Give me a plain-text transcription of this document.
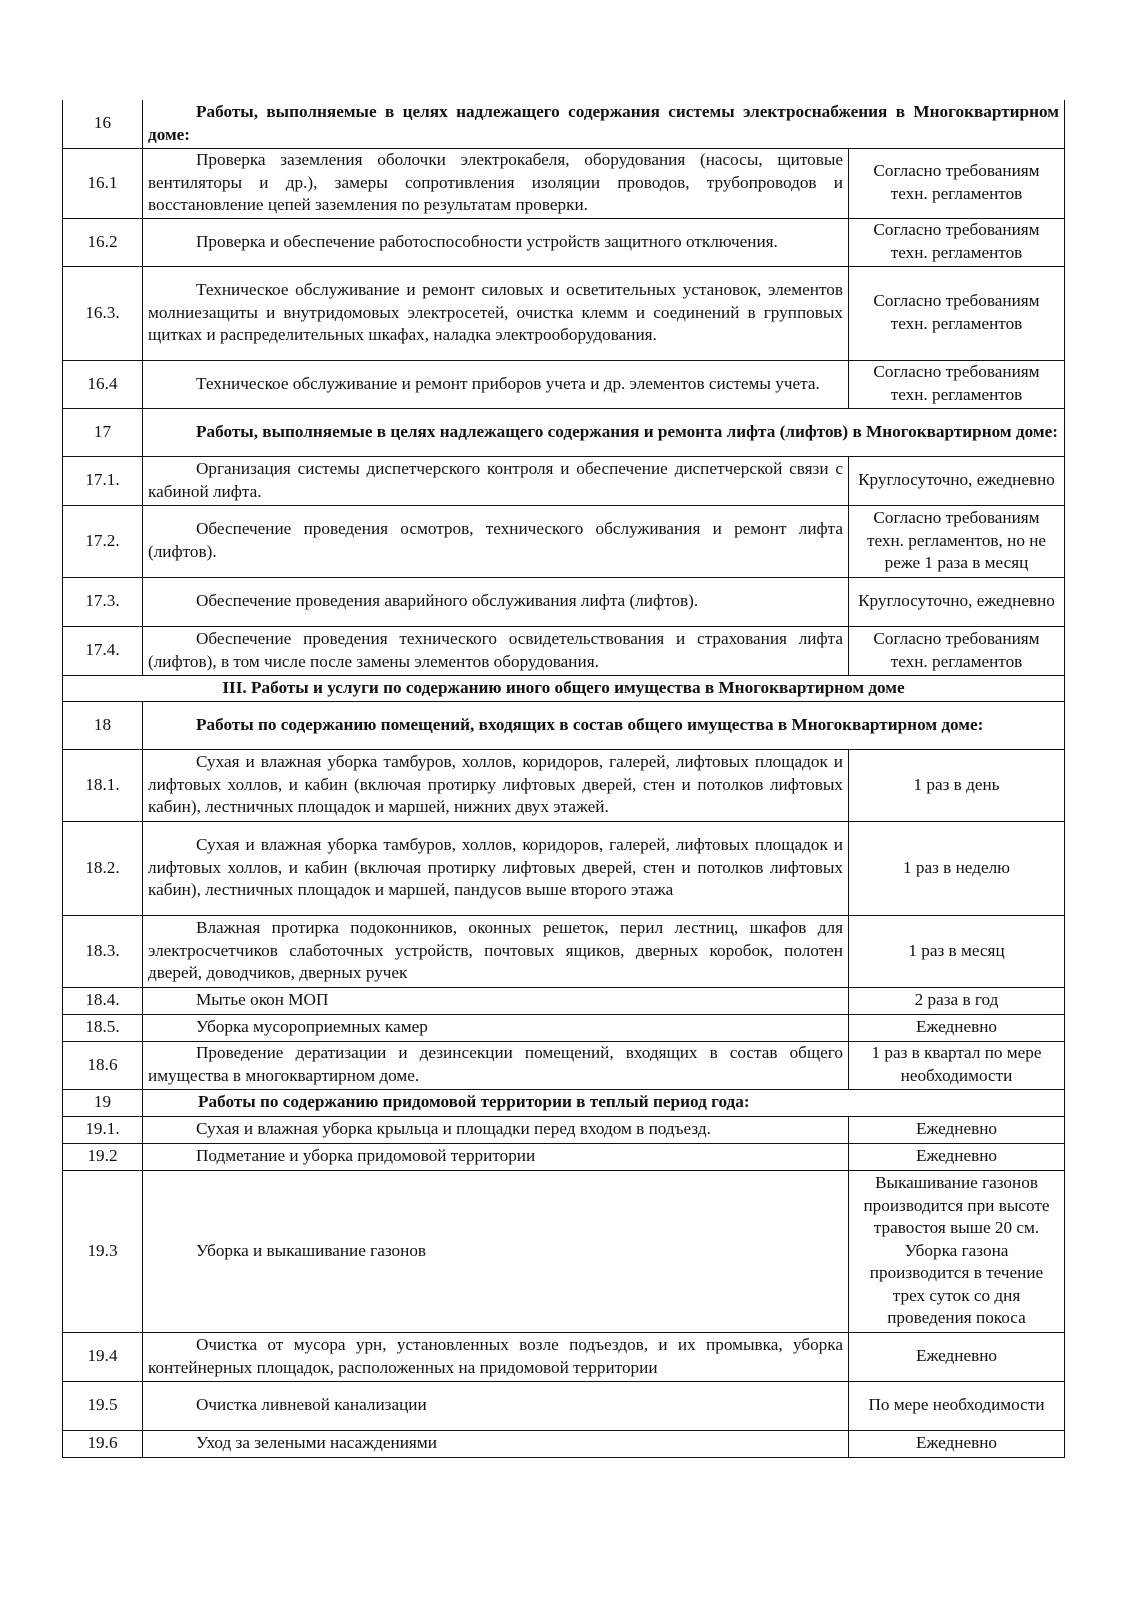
16	Работы, выполняемые в целях надлежащего содержания системы электроснабжения в Многоквартирном доме:	
16.1	Проверка заземления оболочки электрокабеля, оборудования (насосы, щитовые вентиляторы и др.), замеры сопротивления изоляции проводов, трубопроводов и восстановление цепей заземления по результатам проверки.	Согласно требованиям техн. регламентов
16.2	Проверка и обеспечение работоспособности устройств защитного отключения.	Согласно требованиям техн. регламентов
16.3.	Техническое обслуживание и ремонт силовых и осветительных установок, элементов молниезащиты и внутридомовых электросетей, очистка клемм и соединений в групповых щитках и распределительных шкафах, наладка электрооборудования.	Согласно требованиям техн. регламентов
16.4	Техническое обслуживание и ремонт приборов учета и др. элементов системы учета.	Согласно требованиям техн. регламентов
17	Работы, выполняемые в целях надлежащего содержания и ремонта лифта (лифтов) в Многоквартирном доме:	
17.1.	Организация системы диспетчерского контроля и обеспечение диспетчерской связи с кабиной лифта.	Круглосуточно, ежедневно
17.2.	Обеспечение проведения осмотров, технического обслуживания и ремонт лифта (лифтов).	Согласно требованиям техн. регламентов, но не реже 1 раза в месяц
17.3.	Обеспечение проведения аварийного обслуживания лифта (лифтов).	Круглосуточно, ежедневно
17.4.	Обеспечение проведения технического освидетельствования и страхования лифта (лифтов), в том числе после замены элементов оборудования.	Согласно требованиям техн. регламентов
III. Работы и услуги по содержанию иного общего имущества в Многоквартирном доме		
18	Работы по содержанию помещений, входящих в состав общего имущества в Многоквартирном доме:	
18.1.	Сухая и влажная уборка тамбуров, холлов, коридоров, галерей, лифтовых площадок и лифтовых холлов, и кабин (включая протирку лифтовых дверей, стен и потолков лифтовых кабин), лестничных площадок и маршей, нижних двух этажей.	1 раз в день
18.2.	Сухая и влажная уборка тамбуров, холлов, коридоров, галерей, лифтовых площадок и лифтовых холлов, и кабин (включая протирку лифтовых дверей, стен и потолков лифтовых кабин), лестничных площадок и маршей, пандусов выше второго этажа	1 раз в неделю
18.3.	Влажная протирка подоконников, оконных решеток, перил лестниц, шкафов для электросчетчиков слаботочных устройств, почтовых ящиков, дверных коробок, полотен дверей, доводчиков, дверных ручек	1 раз в месяц
18.4.	Мытье окон МОП	2 раза в год
18.5.	Уборка мусороприемных камер	Ежедневно
18.6	Проведение дератизации и дезинсекции помещений, входящих в состав общего имущества в многоквартирном доме.	1 раз в квартал по мере необходимости
19	Работы по содержанию придомовой территории в теплый период года:	
19.1.	Сухая и влажная уборка крыльца и площадки перед входом в подъезд.	Ежедневно
19.2	Подметание и уборка придомовой территории	Ежедневно
19.3	Уборка и выкашивание газонов	Выкашивание газонов производится при высоте травостоя выше 20 см. Уборка газона производится в течение трех суток со дня проведения покоса
19.4	Очистка от мусора урн, установленных возле подъездов, и их промывка, уборка контейнерных площадок, расположенных на придомовой территории	Ежедневно
19.5	Очистка ливневой канализации	По мере необходимости
19.6	Уход за зелеными насаждениями	Ежедневно
